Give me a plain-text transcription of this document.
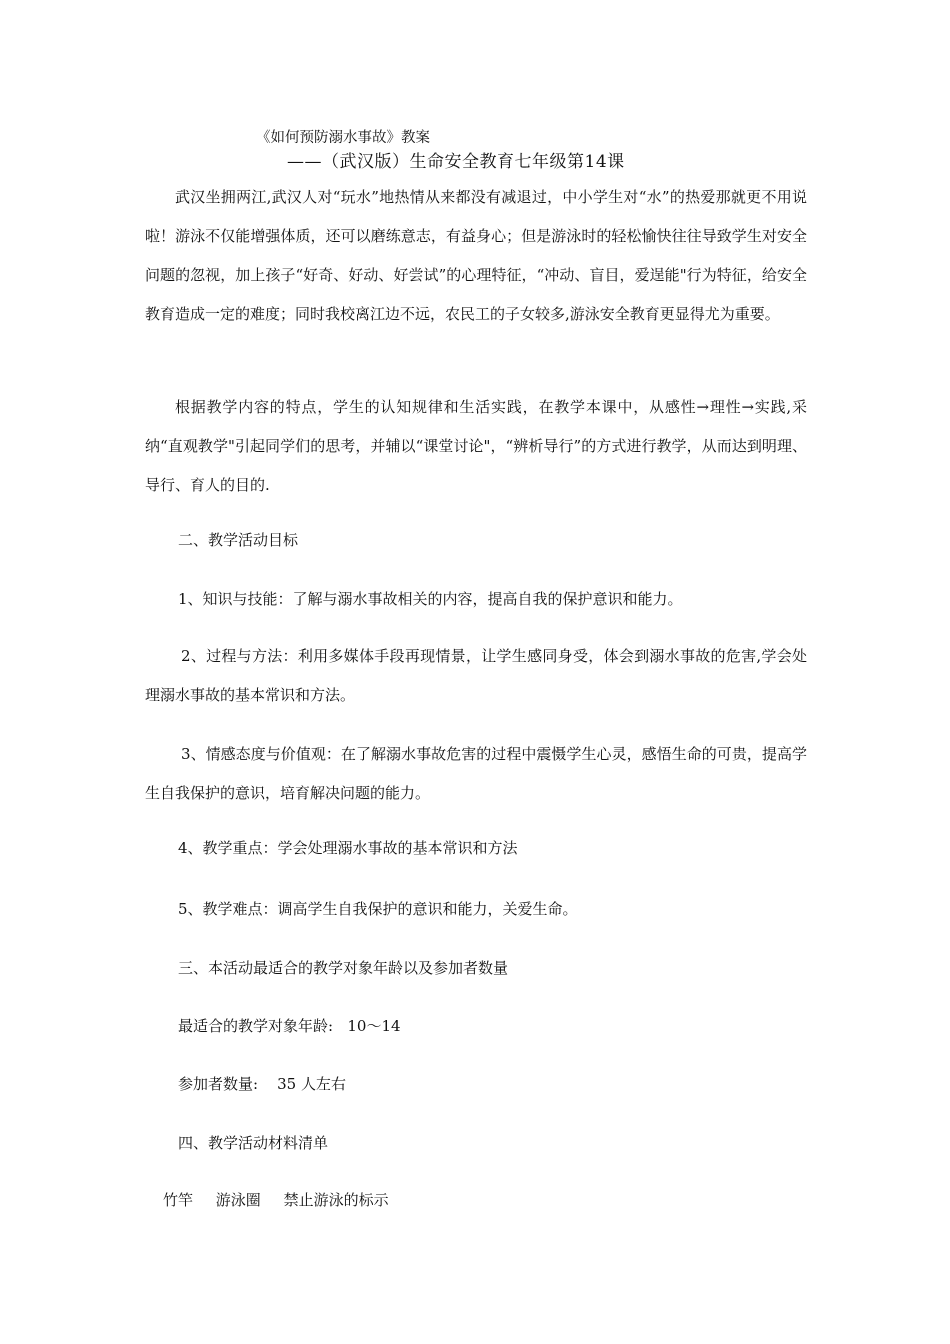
《如何预防溺水事故》教案
——（武汉版）生命安全教育七年级第14课
武汉坐拥两江,武汉人对“玩水”地热情从来都没有减退过，中小学生对“水”的热爱那就更不用说啦！游泳不仅能增强体质，还可以磨练意志，有益身心；但是游泳时的轻松愉快往往导致学生对安全问题的忽视，加上孩子“好奇、好动、好尝试”的心理特征，“冲动、盲目，爱逞能"行为特征，给安全教育造成一定的难度；同时我校离江边不远，农民工的子女较多,游泳安全教育更显得尤为重要。
根据教学内容的特点，学生的认知规律和生活实践，在教学本课中，从感性→理性→实践,采纳“直观教学"引起同学们的思考，并辅以“课堂讨论"，“辨析导行”的方式进行教学，从而达到明理、导行、育人的目的.
二、教学活动目标
1、知识与技能：了解与溺水事故相关的内容，提高自我的保护意识和能力。
2、过程与方法：利用多媒体手段再现情景，让学生感同身受，体会到溺水事故的危害,学会处理溺水事故的基本常识和方法。
3、情感态度与价值观：在了解溺水事故危害的过程中震慑学生心灵，感悟生命的可贵，提高学生自我保护的意识，培育解决问题的能力。
4、教学重点：学会处理溺水事故的基本常识和方法
5、教学难点：调高学生自我保护的意识和能力，关爱生命。
三、本活动最适合的教学对象年龄以及参加者数量
最适合的教学对象年龄:   10～14
参加者数量:    35 人左右
四、教学活动材料清单
竹竿 游泳圈 禁止游泳的标示
